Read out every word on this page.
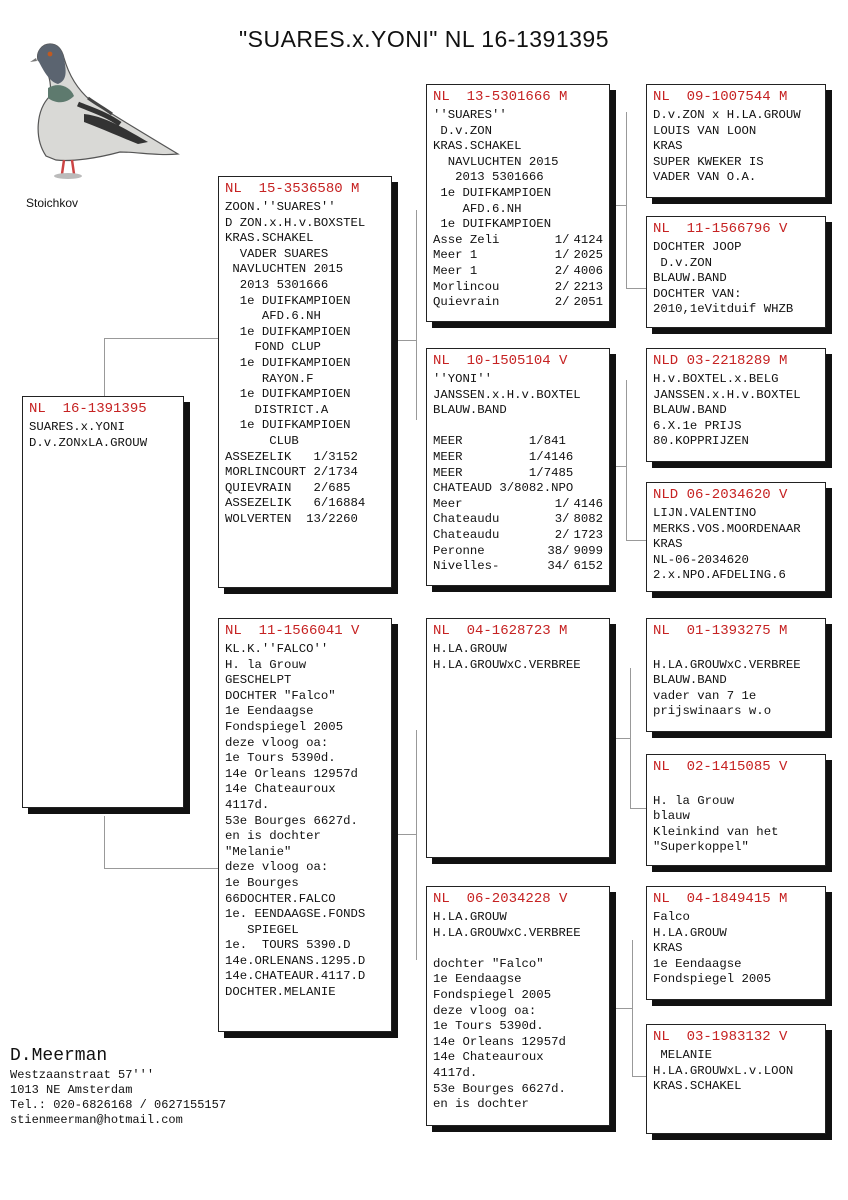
"SUARES.x.YONI" NL 16-1391395
Stoichkov
NL  16-1391395
SUARES.x.YONI
D.v.ZONxLA.GROUW
NL  15-3536580 M
ZOON.''SUARES''
D ZON.x.H.v.BOXSTEL
KRAS.SCHAKEL
VADER SUARES
NAVLUCHTEN 2015
2013 5301666
1e DUIFKAMPIOEN
AFD.6.NH
1e DUIFKAMPIOEN
FOND CLUP
1e DUIFKAMPIOEN
RAYON.F
1e DUIFKAMPIOEN
DISTRICT.A
1e DUIFKAMPIOEN
CLUB
ASSEZELIK   1/3152
MORLINCOURT 2/1734
QUIEVRAIN   2/685
ASSEZELIK   6/16884
WOLVERTEN  13/2260
NL  11-1566041 V
KL.K.''FALCO''
H. la Grouw
GESCHELPT
DOCHTER "Falco"
1e Eendaagse
Fondspiegel 2005
deze vloog oa:
1e Tours 5390d.
14e Orleans 12957d
14e Chateauroux
4117d.
53e Bourges 6627d.
en is dochter
"Melanie"
deze vloog oa:
1e Bourges
66DOCHTER.FALCO
1e. EENDAAGSE.FONDS
SPIEGEL
1e.  TOURS 5390.D
14e.ORLENANS.1295.D
14e.CHATEAUR.4117.D
DOCHTER.MELANIE
NL  13-5301666 M
''SUARES''
D.v.ZON
KRAS.SCHAKEL
NAVLUCHTEN 2015
2013 5301666
1e DUIFKAMPIOEN
AFD.6.NH
1e DUIFKAMPIOEN
Asse Zeli	1/ 4124
Meer 1	1/ 2025
Meer 1	2/ 4006
Morlincou	2/ 2213
Quievrain	2/ 2051
NL  10-1505104 V
''YONI''
JANSSEN.x.H.v.BOXTEL
BLAUW.BAND
MEER         1/841
MEER         1/4146
MEER         1/7485
CHATEAUD 3/8082.NPO
Meer	1/ 4146
Chateaudu	3/ 8082
Chateaudu	2/ 1723
Peronne	38/ 9099
Nivelles-	34/ 6152
NL  04-1628723 M
H.LA.GROUW
H.LA.GROUWxC.VERBREE
NL  06-2034228 V
H.LA.GROUW
H.LA.GROUWxC.VERBREE
dochter "Falco"
1e Eendaagse
Fondspiegel 2005
deze vloog oa:
1e Tours 5390d.
14e Orleans 12957d
14e Chateauroux
4117d.
53e Bourges 6627d.
en is dochter
NL  09-1007544 M
D.v.ZON x H.LA.GROUW
LOUIS VAN LOON
KRAS
SUPER KWEKER IS
VADER VAN O.A.
NL  11-1566796 V
DOCHTER JOOP
D.v.ZON
BLAUW.BAND
DOCHTER VAN:
2010,1eVitduif WHZB
NLD 03-2218289 M
H.v.BOXTEL.x.BELG
JANSSEN.x.H.v.BOXTEL
BLAUW.BAND
6.X.1e PRIJS
80.KOPPRIJZEN
NLD 06-2034620 V
LIJN.VALENTINO
MERKS.VOS.MOORDENAAR
KRAS
NL-06-2034620
2.x.NPO.AFDELING.6
NL  01-1393275 M
H.LA.GROUWxC.VERBREE
BLAUW.BAND
vader van 7 1e
prijswinaars w.o
NL  02-1415085 V
H. la Grouw
blauw
Kleinkind van het
"Superkoppel"
NL  04-1849415 M
Falco
H.LA.GROUW
KRAS
1e Eendaagse
Fondspiegel 2005
NL  03-1983132 V
MELANIE
H.LA.GROUWxL.v.LOON
KRAS.SCHAKEL
D.Meerman
Westzaanstraat 57'''
1013 NE Amsterdam
Tel.: 020-6826168 / 0627155157
stienmeerman@hotmail.com
